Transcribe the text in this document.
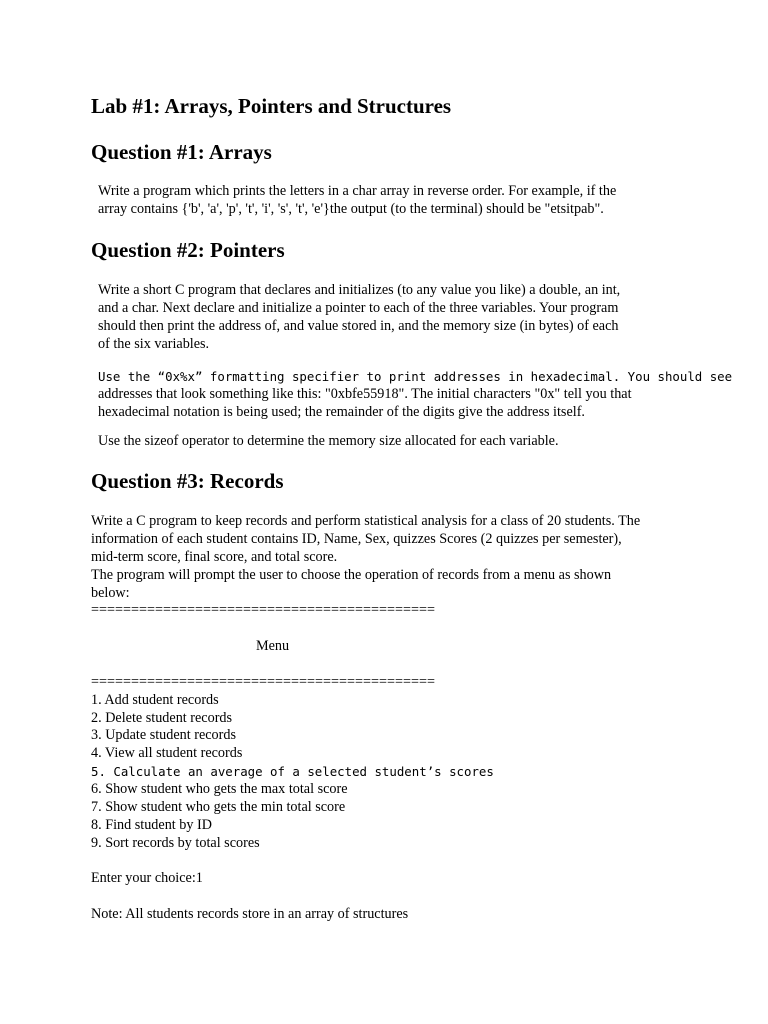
Lab #1: Arrays, Pointers and Structures
Question #1: Arrays
Write a program which prints the letters in a char array in reverse order. For example, if the
array contains {'b', 'a', 'p', 't', 'i', 's', 't', 'e'}the output (to the terminal) should be "etsitpab".
Question #2: Pointers
Write a short C program that declares and initializes (to any value you like) a double, an int,
and a char. Next declare and initialize a pointer to each of the three variables. Your program
should then print the address of, and value stored in, and the memory size (in bytes) of each
of the six variables.
Use the “0x%x” formatting specifier to print addresses in hexadecimal. You should see
addresses that look something like this: "0xbfe55918". The initial characters "0x" tell you that
hexadecimal notation is being used; the remainder of the digits give the address itself.
Use the sizeof operator to determine the memory size allocated for each variable.
Question #3: Records
Write a C program to keep records and perform statistical analysis for a class of 20 students. The
information of each student contains ID, Name, Sex, quizzes Scores (2 quizzes per semester),
mid-term score, final score, and total score.
The program will prompt the user to choose the operation of records from a menu as shown
below:
===========================================
Menu
===========================================
1. Add student records
2. Delete student records
3. Update student records
4. View all student records
5. Calculate an average of a selected student’s scores
6. Show student who gets the max total score
7. Show student who gets the min total score
8. Find student by ID
9. Sort records by total scores
Enter your choice:1
Note: All students records store in an array of structures
